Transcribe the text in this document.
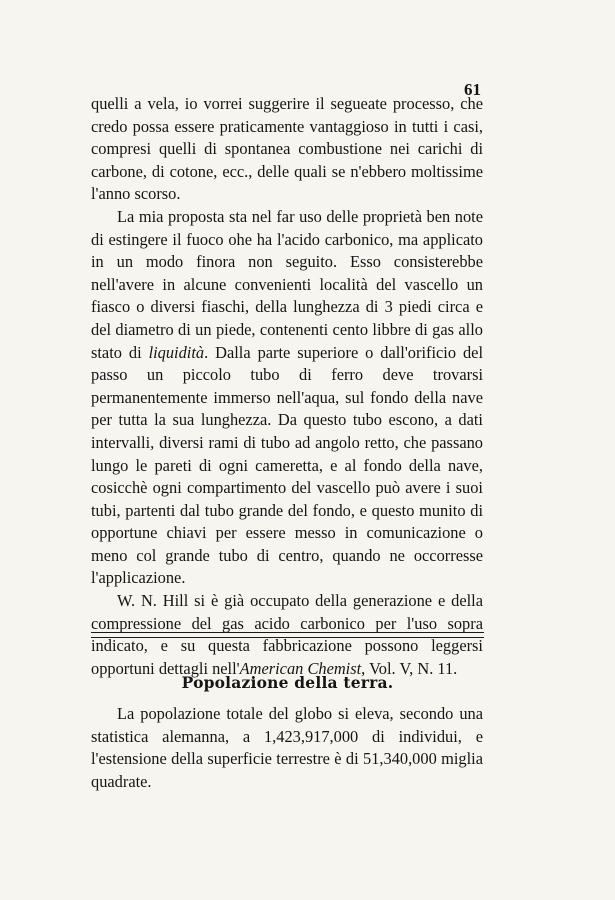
61

quelli a vela, io vorrei suggerire il segueate processo, che credo possa essere praticamente vantaggioso in tutti i casi, compresi quelli di spontanea combustione nei carichi di carbone, di cotone, ecc., delle quali se n'ebbero moltissime l'anno scorso.

La mia proposta sta nel far uso delle proprietà ben note di estingere il fuoco ohe ha l'acido carbonico, ma applicato in un modo finora non seguito. Esso consisterebbe nell'avere in alcune convenienti località del vascello un fiasco o diversi fiaschi, della lunghezza di 3 piedi circa e del diametro di un piede, contenenti cento libbre di gas allo stato di liquidità. Dalla parte superiore o dall'orificio del passo un piccolo tubo di ferro deve trovarsi permanentemente immerso nell'aqua, sul fondo della nave per tutta la sua lunghezza. Da questo tubo escono, a dati intervalli, diversi rami di tubo ad angolo retto, che passano lungo le pareti di ogni cameretta, e al fondo della nave, cosicchè ogni compartimento del vascello può avere i suoi tubi, partenti dal tubo grande del fondo, e questo munito di opportune chiavi per essere messo in comunicazione o meno col grande tubo di centro, quando ne occorresse l'applicazione.

W. N. Hill si è già occupato della generazione e della compressione del gas acido carbonico per l'uso sopra indicato, e su questa fabbricazione possono leggersi opportuni dettagli nell'American Chemist, Vol. V, N. 11.

Popolazione della terra.

La popolazione totale del globo si eleva, secondo una statistica alemanna, a 1,423,917,000 di individui, e l'estensione della superficie terrestre è di 51,340,000 miglia quadrate.
